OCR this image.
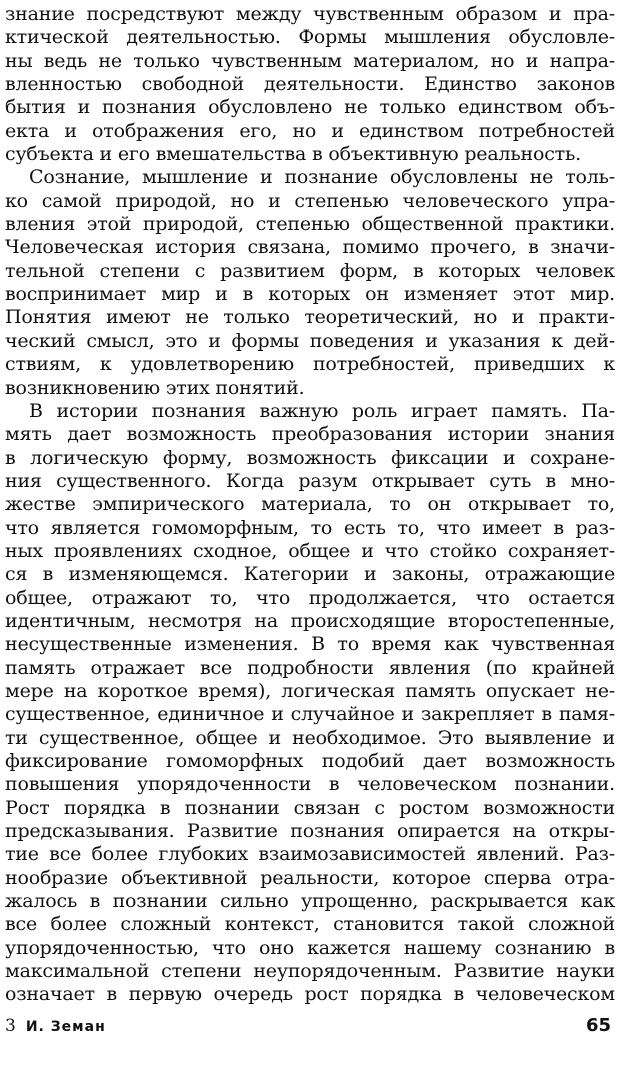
знание посредствуют между чувственным образом и пра-
ктической деятельностью. Формы мышления обусловле-
ны ведь не только чувственным материалом, но и напра-
вленностью свободной деятельности. Единство законов
бытия и познания обусловлено не только единством объ-
екта и отображения его, но и единством потребностей
субъекта и его вмешательства в объективную реальность.
Сознание, мышление и познание обусловлены не толь-
ко самой природой, но и степенью человеческого упра-
вления этой природой, степенью общественной практики.
Человеческая история связана, помимо прочего, в значи-
тельной степени с развитием форм, в которых человек
воспринимает мир и в которых он изменяет этот мир.
Понятия имеют не только теоретический, но и практи-
ческий смысл, это и формы поведения и указания к дей-
ствиям, к удовлетворению потребностей, приведших к
возникновению этих понятий.
В истории познания важную роль играет память. Па-
мять дает возможность преобразования истории знания
в логическую форму, возможность фиксации и сохране-
ния существенного. Когда разум открывает суть в мно-
жестве эмпирического материала, то он открывает то,
что является гомоморфным, то есть то, что имеет в раз-
ных проявлениях сходное, общее и что стойко сохраняет-
ся в изменяющемся. Категории и законы, отражающие
общее, отражают то, что продолжается, что остается
идентичным, несмотря на происходящие второстепенные,
несущественные изменения. В то время как чувственная
память отражает все подробности явления (по крайней
мере на короткое время), логическая память опускает не-
существенное, единичное и случайное и закрепляет в памя-
ти существенное, общее и необходимое. Это выявление и
фиксирование гомоморфных подобий дает возможность
повышения упорядоченности в человеческом познании.
Рост порядка в познании связан с ростом возможности
предсказывания. Развитие познания опирается на откры-
тие все более глубоких взаимозависимостей явлений. Раз-
нообразие объективной реальности, которое сперва отра-
жалось в познании сильно упрощенно, раскрывается как
все более сложный контекст, становится такой сложной
упорядоченностью, что оно кажется нашему сознанию в
максимальной степени неупорядоченным. Развитие науки
означает в первую очередь рост порядка в человеческом
3 И. Земан	65
